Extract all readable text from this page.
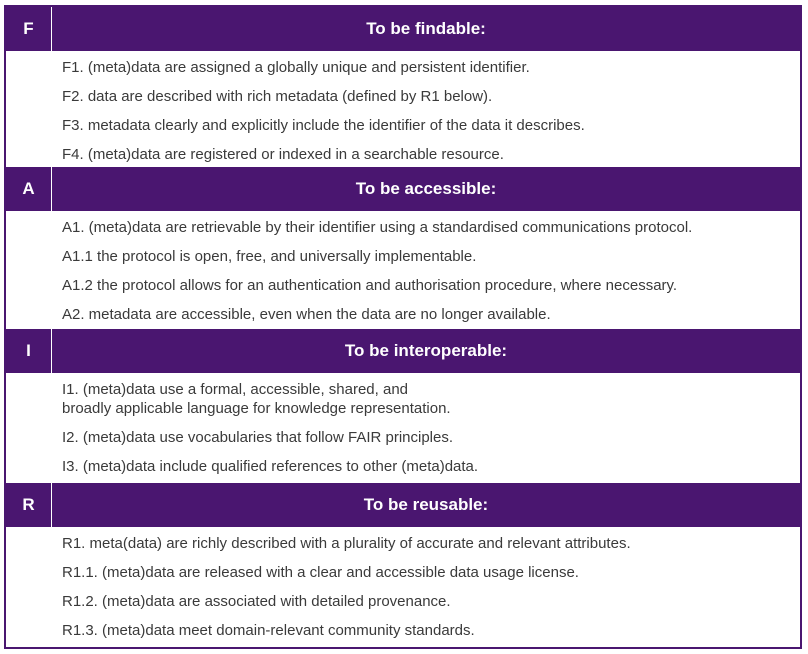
F	To be findable:
F1. (meta)data are assigned a globally unique and persistent identifier.
F2. data are described with rich metadata (defined by R1 below).
F3. metadata clearly and explicitly include the identifier of the data it describes.
F4. (meta)data are registered or indexed in a searchable resource.
A	To be accessible:
A1. (meta)data are retrievable by their identifier using a standardised communications protocol.
A1.1 the protocol is open, free, and universally implementable.
A1.2 the protocol allows for an authentication and authorisation procedure, where necessary.
A2. metadata are accessible, even when the data are no longer available.
I	To be interoperable:
I1. (meta)data use a formal, accessible, shared, and
broadly applicable language for knowledge representation.
I2. (meta)data use vocabularies that follow FAIR principles.
I3. (meta)data include qualified references to other (meta)data.
R	To be reusable:
R1. meta(data) are richly described with a plurality of accurate and relevant attributes.
R1.1. (meta)data are released with a clear and accessible data usage license.
R1.2. (meta)data are associated with detailed provenance.
R1.3. (meta)data meet domain-relevant community standards.
